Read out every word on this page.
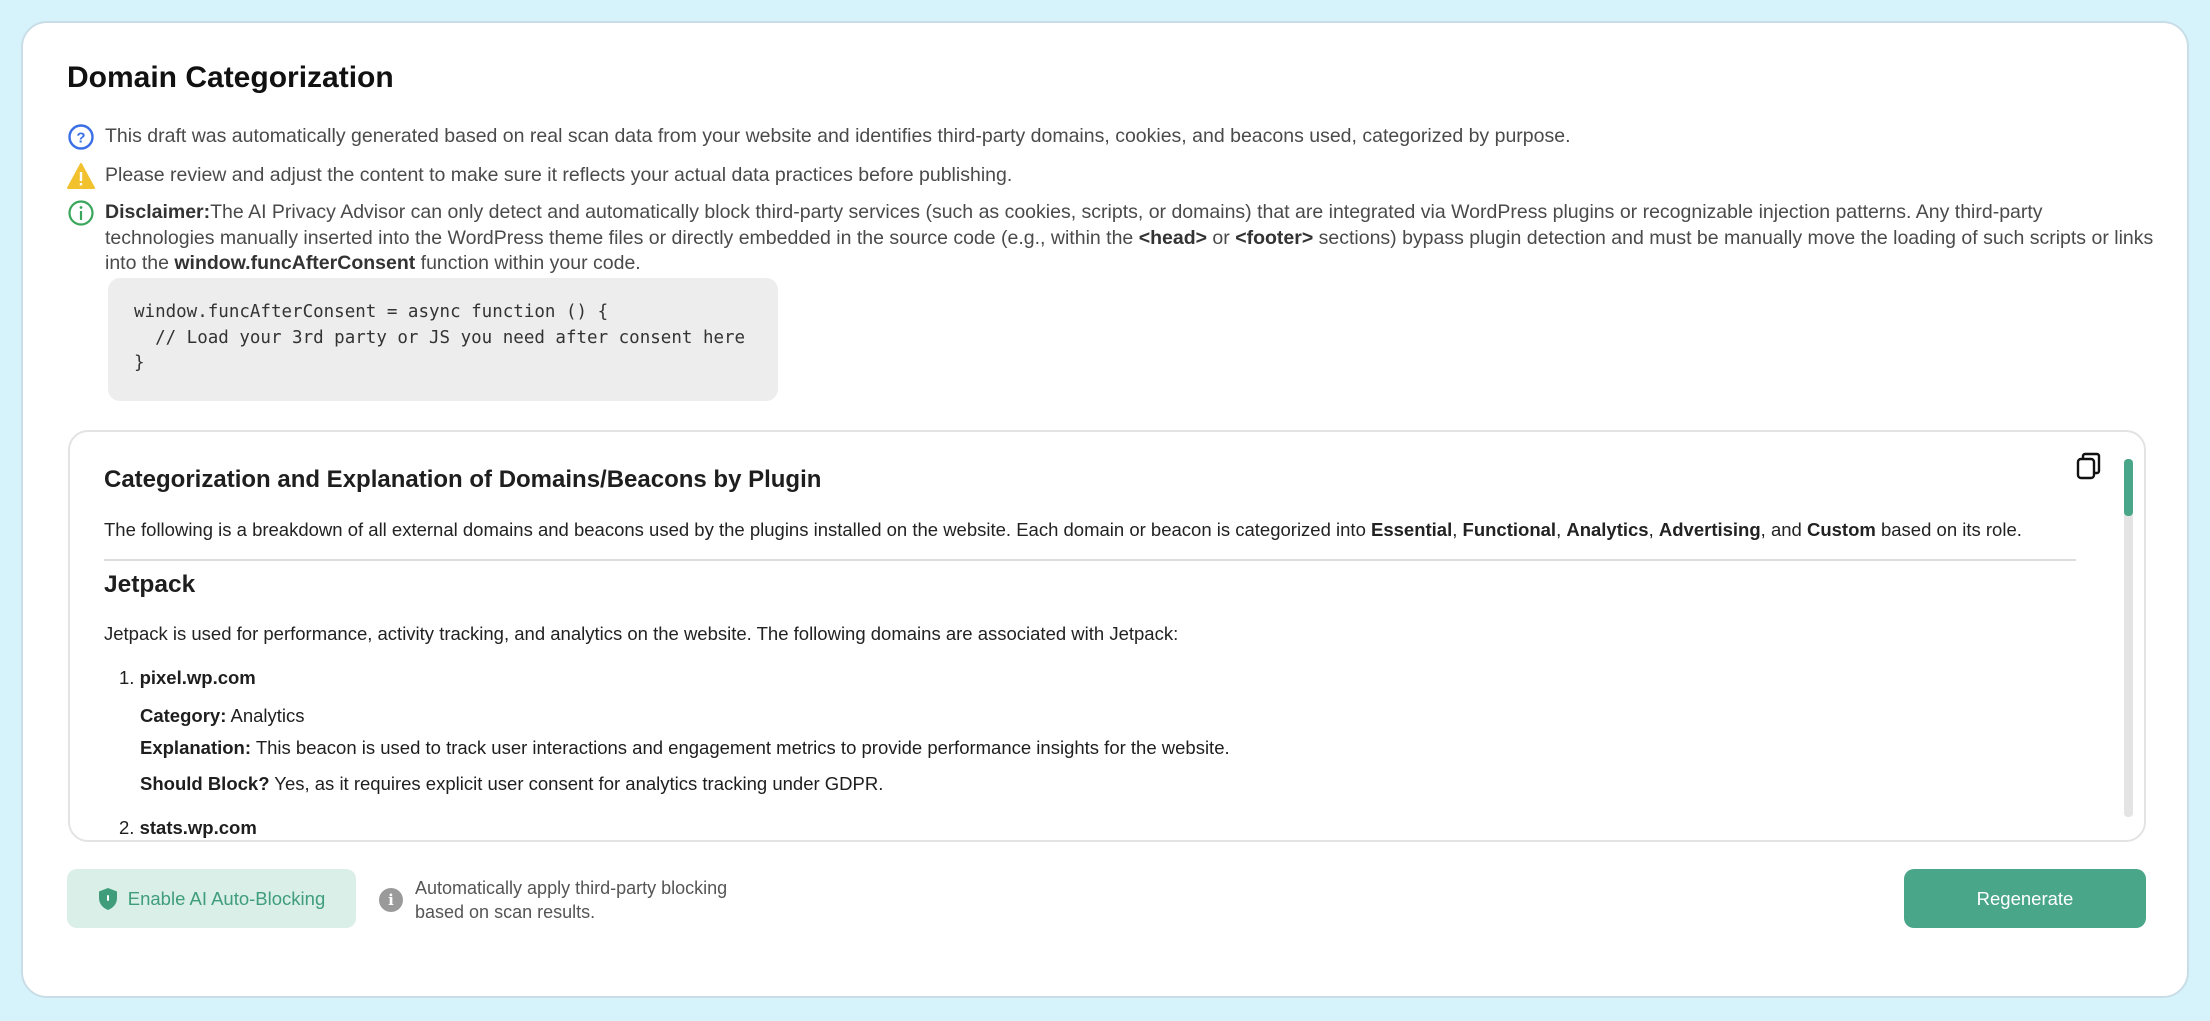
Domain Categorization
? This draft was automatically generated based on real scan data from your website and identifies third-party domains, cookies, and beacons used, categorized by purpose.
Please review and adjust the content to make sure it reflects your actual data practices before publishing.
Disclaimer:The AI Privacy Advisor can only detect and automatically block third-party services (such as cookies, scripts, or domains) that are integrated via WordPress plugins or recognizable injection patterns. Any third-party technologies manually inserted into the WordPress theme files or directly embedded in the source code (e.g., within the <head> or <footer> sections) bypass plugin detection and must be manually move the loading of such scripts or links into the window.funcAfterConsent function within your code.
window.funcAfterConsent = async function () {
// Load your 3rd party or JS you need after consent here
}
Categorization and Explanation of Domains/Beacons by Plugin
The following is a breakdown of all external domains and beacons used by the plugins installed on the website. Each domain or beacon is categorized into Essential, Functional, Analytics, Advertising, and Custom based on its role.
Jetpack
Jetpack is used for performance, activity tracking, and analytics on the website. The following domains are associated with Jetpack:
1. pixel.wp.com
Category: Analytics
Explanation: This beacon is used to track user interactions and engagement metrics to provide performance insights for the website.
Should Block? Yes, as it requires explicit user consent for analytics tracking under GDPR.
2. stats.wp.com
Enable AI Auto-Blocking	i
Automatically apply third-party blocking based on scan results.
Regenerate
